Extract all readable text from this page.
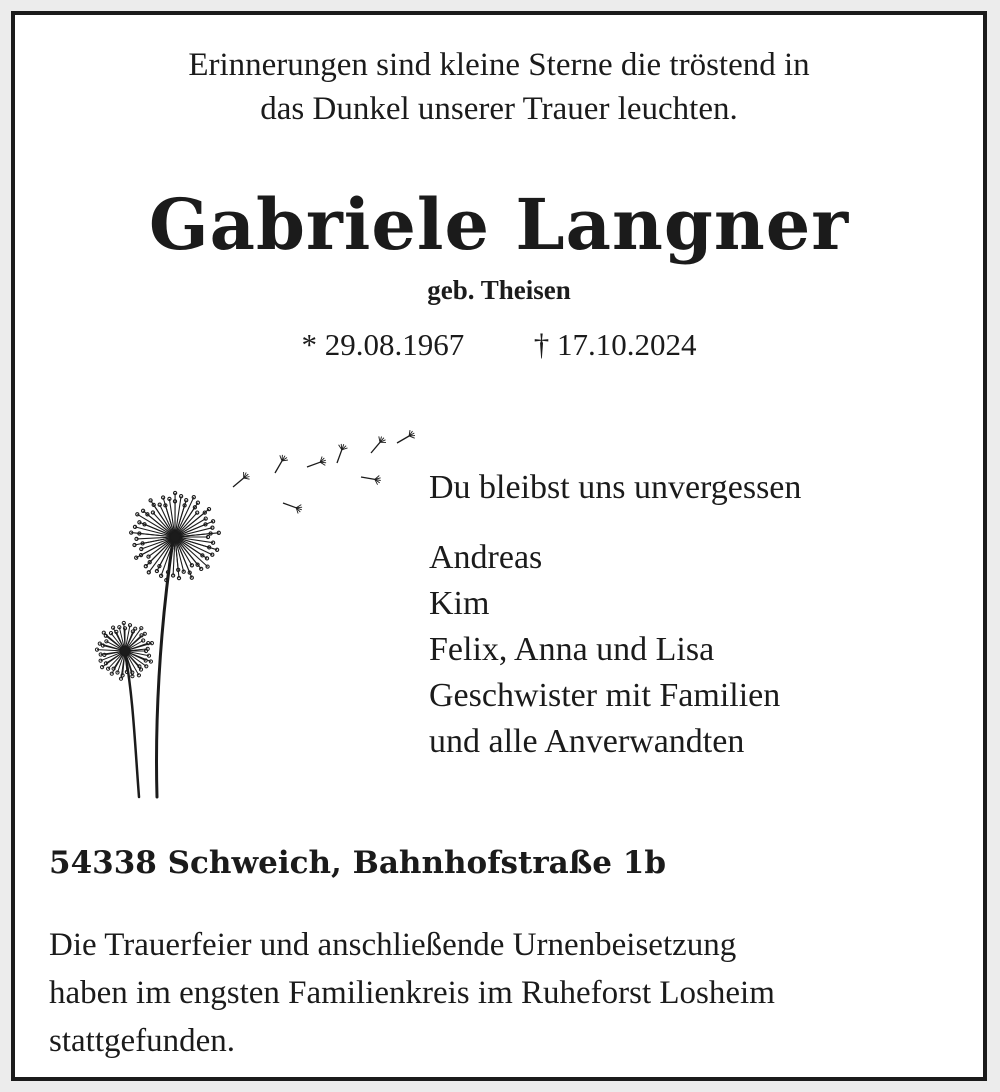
Erinnerungen sind kleine Sterne die tröstend in
das Dunkel unserer Trauer leuchten.
Gabriele Langner
geb. Theisen
* 29.08.1967 † 17.10.2024
Du bleibst uns unvergessen
Andreas
Kim
Felix, Anna und Lisa
Geschwister mit Familien
und alle Anverwandten
54338 Schweich, Bahnhofstraße 1b
Die Trauerfeier und anschließende Urnenbeisetzung
haben im engsten Familienkreis im Ruheforst Losheim
stattgefunden.
